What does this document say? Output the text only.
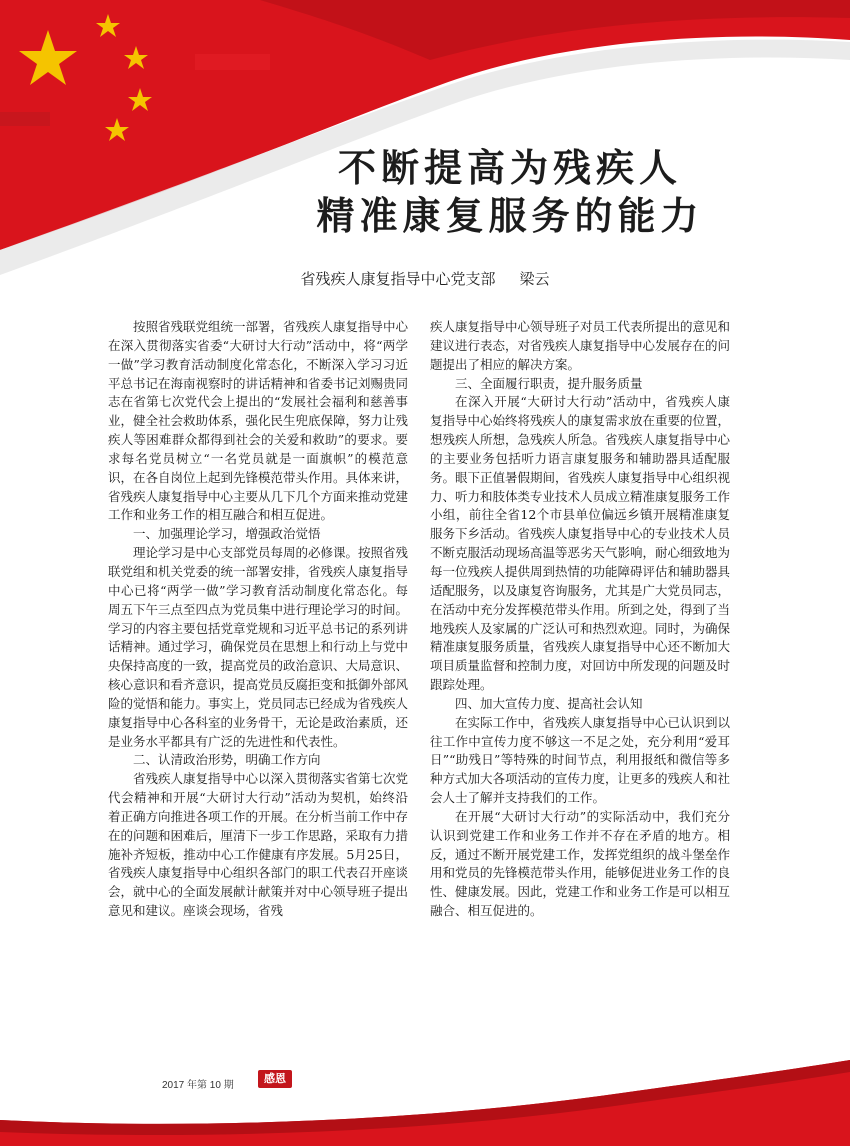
不断提高为残疾人
精准康复服务的能力
省残疾人康复指导中心党支部 梁云

按照省残联党组统一部署，省残疾人康复指导中心在深入贯彻落实省委“大研讨大行动”活动中，将“两学一做”学习教育活动制度化常态化，不断深入学习习近平总书记在海南视察时的讲话精神和省委书记刘赐贵同志在省第七次党代会上提出的“发展社会福利和慈善事业，健全社会救助体系，强化民生兜底保障，努力让残疾人等困难群众都得到社会的关爱和救助”的要求。要求每名党员树立“一名党员就是一面旗帜”的模范意识，在各自岗位上起到先锋模范带头作用。具体来讲，省残疾人康复指导中心主要从几下几个方面来推动党建工作和业务工作的相互融合和相互促进。

一、加强理论学习，增强政治觉悟

理论学习是中心支部党员每周的必修课。按照省残联党组和机关党委的统一部署安排，省残疾人康复指导中心已将“两学一做”学习教育活动制度化常态化。每周五下午三点至四点为党员集中进行理论学习的时间。学习的内容主要包括党章党规和习近平总书记的系列讲话精神。通过学习，确保党员在思想上和行动上与党中央保持高度的一致，提高党员的政治意识、大局意识、核心意识和看齐意识，提高党员反腐拒变和抵御外部风险的觉悟和能力。事实上，党员同志已经成为省残疾人康复指导中心各科室的业务骨干，无论是政治素质，还是业务水平都具有广泛的先进性和代表性。

二、认清政治形势，明确工作方向

省残疾人康复指导中心以深入贯彻落实省第七次党代会精神和开展“大研讨大行动”活动为契机，始终沿着正确方向推进各项工作的开展。在分析当前工作中存在的问题和困难后，厘清下一步工作思路，采取有力措施补齐短板，推动中心工作健康有序发展。5月25日，省残疾人康复指导中心组织各部门的职工代表召开座谈会，就中心的全面发展献计献策并对中心领导班子提出意见和建议。座谈会现场，省残

疾人康复指导中心领导班子对员工代表所提出的意见和建议进行表态，对省残疾人康复指导中心发展存在的问题提出了相应的解决方案。

三、全面履行职责，提升服务质量

在深入开展“大研讨大行动”活动中，省残疾人康复指导中心始终将残疾人的康复需求放在重要的位置，想残疾人所想，急残疾人所急。省残疾人康复指导中心的主要业务包括听力语言康复服务和辅助器具适配服务。眼下正值暑假期间，省残疾人康复指导中心组织视力、听力和肢体类专业技术人员成立精准康复服务工作小组，前往全省12个市县单位偏远乡镇开展精准康复服务下乡活动。省残疾人康复指导中心的专业技术人员不断克服活动现场高温等恶劣天气影响，耐心细致地为每一位残疾人提供周到热情的功能障碍评估和辅助器具适配服务，以及康复咨询服务，尤其是广大党员同志，在活动中充分发挥模范带头作用。所到之处，得到了当地残疾人及家属的广泛认可和热烈欢迎。同时，为确保精准康复服务质量，省残疾人康复指导中心还不断加大项目质量监督和控制力度，对回访中所发现的问题及时跟踪处理。

四、加大宣传力度、提高社会认知

在实际工作中，省残疾人康复指导中心已认识到以往工作中宣传力度不够这一不足之处，充分利用“爱耳日”“助残日”等特殊的时间节点，利用报纸和微信等多种方式加大各项活动的宣传力度，让更多的残疾人和社会人士了解并支持我们的工作。

在开展“大研讨大行动”的实际活动中，我们充分认识到党建工作和业务工作并不存在矛盾的地方。相反，通过不断开展党建工作，发挥党组织的战斗堡垒作用和党员的先锋模范带头作用，能够促进业务工作的良性、健康发展。因此，党建工作和业务工作是可以相互融合、相互促进的。

2017 年第 10 期
感恩
